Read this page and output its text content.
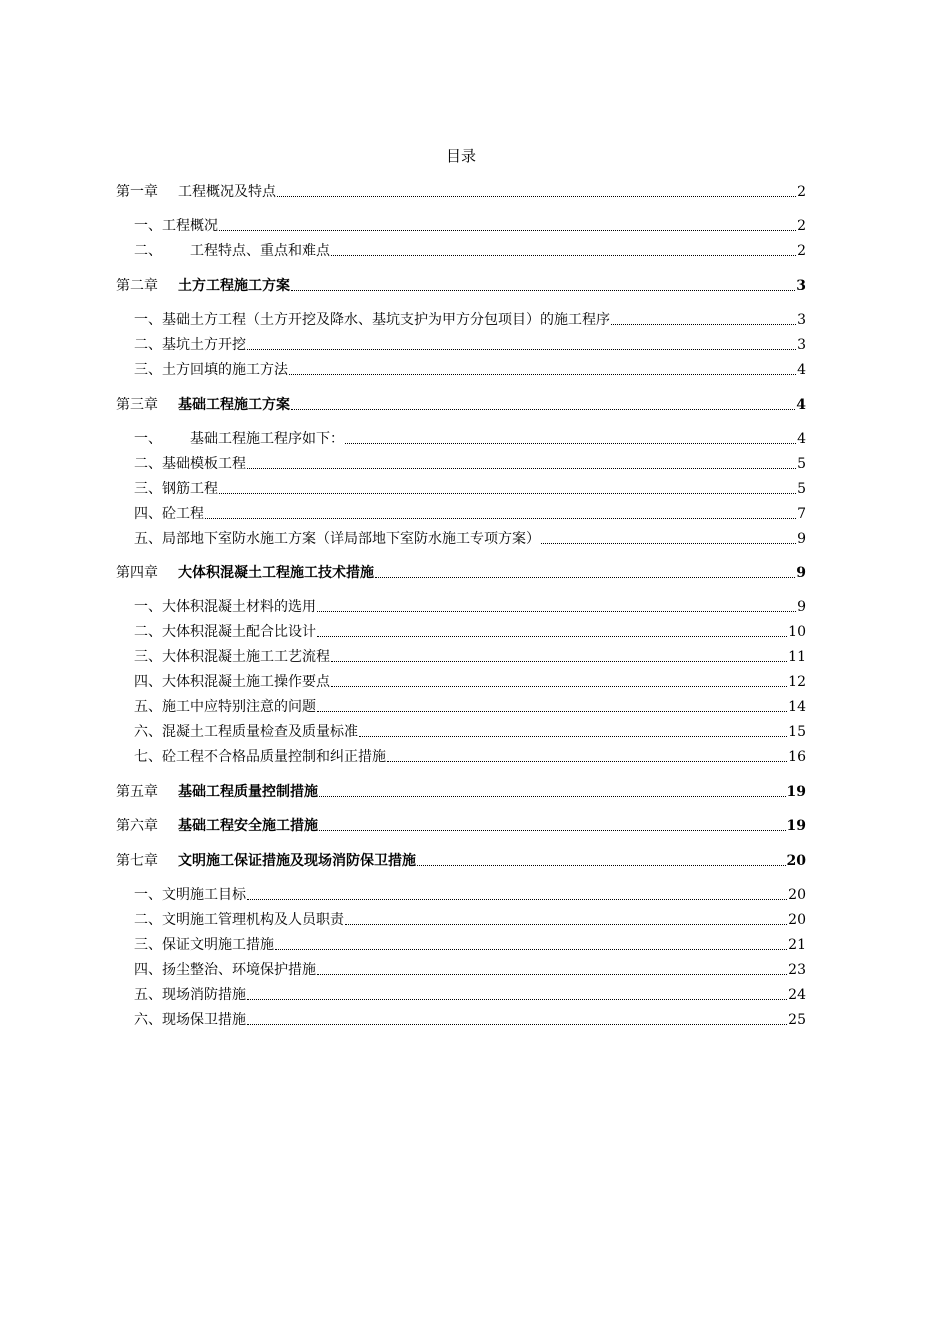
目录
第一章 工程概况及特点	2
一、 工程概况	2
二、 工程特点、重点和难点	2
第二章 土方工程施工方案	3
一、 基础土方工程（土方开挖及降水、基坑支护为甲方分包项目）的施工程序	3
二、 基坑土方开挖	3
三、 土方回填的施工方法	4
第三章 基础工程施工方案	4
一、 基础工程施工程序如下：	4
二、 基础模板工程	5
三、 钢筋工程	5
四、 砼工程	7
五、 局部地下室防水施工方案 （详局部地下室防水施工专项方案）	9
第四章 大体积混凝土工程施工技术措施	9
一、 大体积混凝土材料的选用	9
二、 大体积混凝土配合比设计	10
三、 大体积混凝土施工工艺流程	11
四、 大体积混凝土施工操作要点	12
五、 施工中应特别注意的问题	14
六、 混凝土工程质量检查及质量标准	15
七、 砼工程不合格品质量控制和纠正措施	16
第五章 基础工程质量控制措施	19
第六章 基础工程安全施工措施	19
第七章 文明施工保证措施及现场消防保卫措施	20
一、 文明施工目标	20
二、 文明施工管理机构及人员职责	20
三、 保证文明施工措施	21
四、 扬尘整治、环境保护措施	23
五、 现场消防措施	24
六、 现场保卫措施	25
